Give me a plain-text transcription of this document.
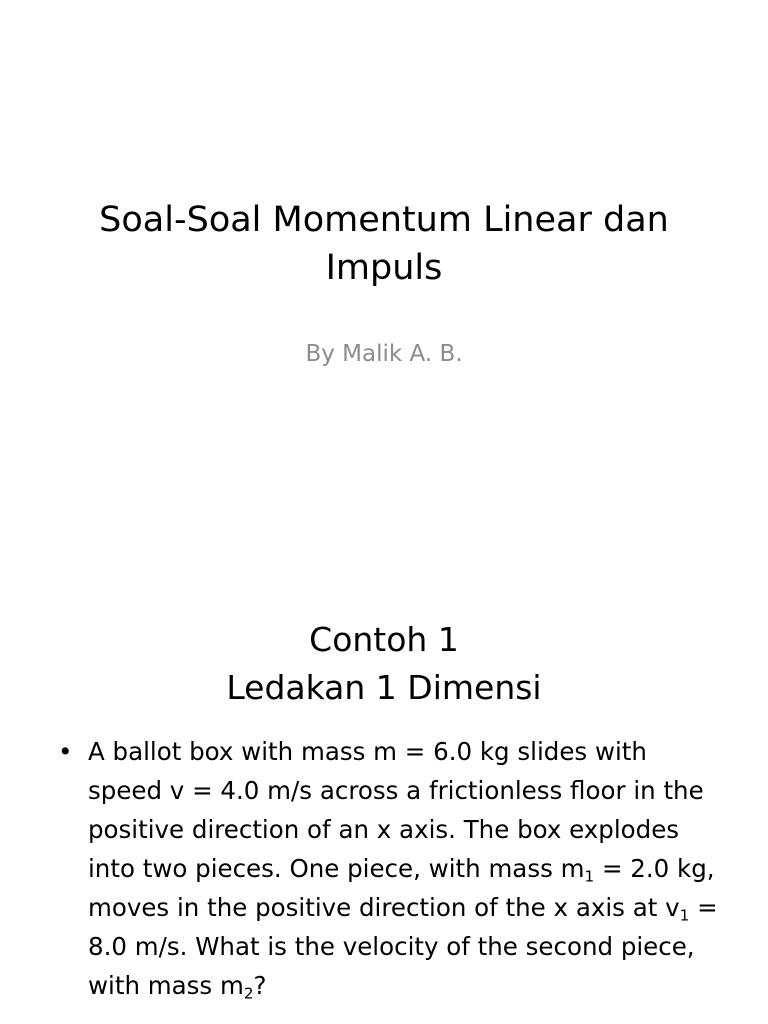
Soal-Soal Momentum Linear dan Impuls

By Malik A. B.

Contoh 1
Ledakan 1 Dimensi
• A ballot box with mass m = 6.0 kg slides with speed v = 4.0 m/s across a frictionless floor in the positive direction of an x axis. The box explodes into two pieces. One piece, with mass $m_1 = 2.0$ kg, moves in the positive direction of the x axis at $v_1 = 8.0$ m/s. What is the velocity of the second piece, with mass $m_2$?
